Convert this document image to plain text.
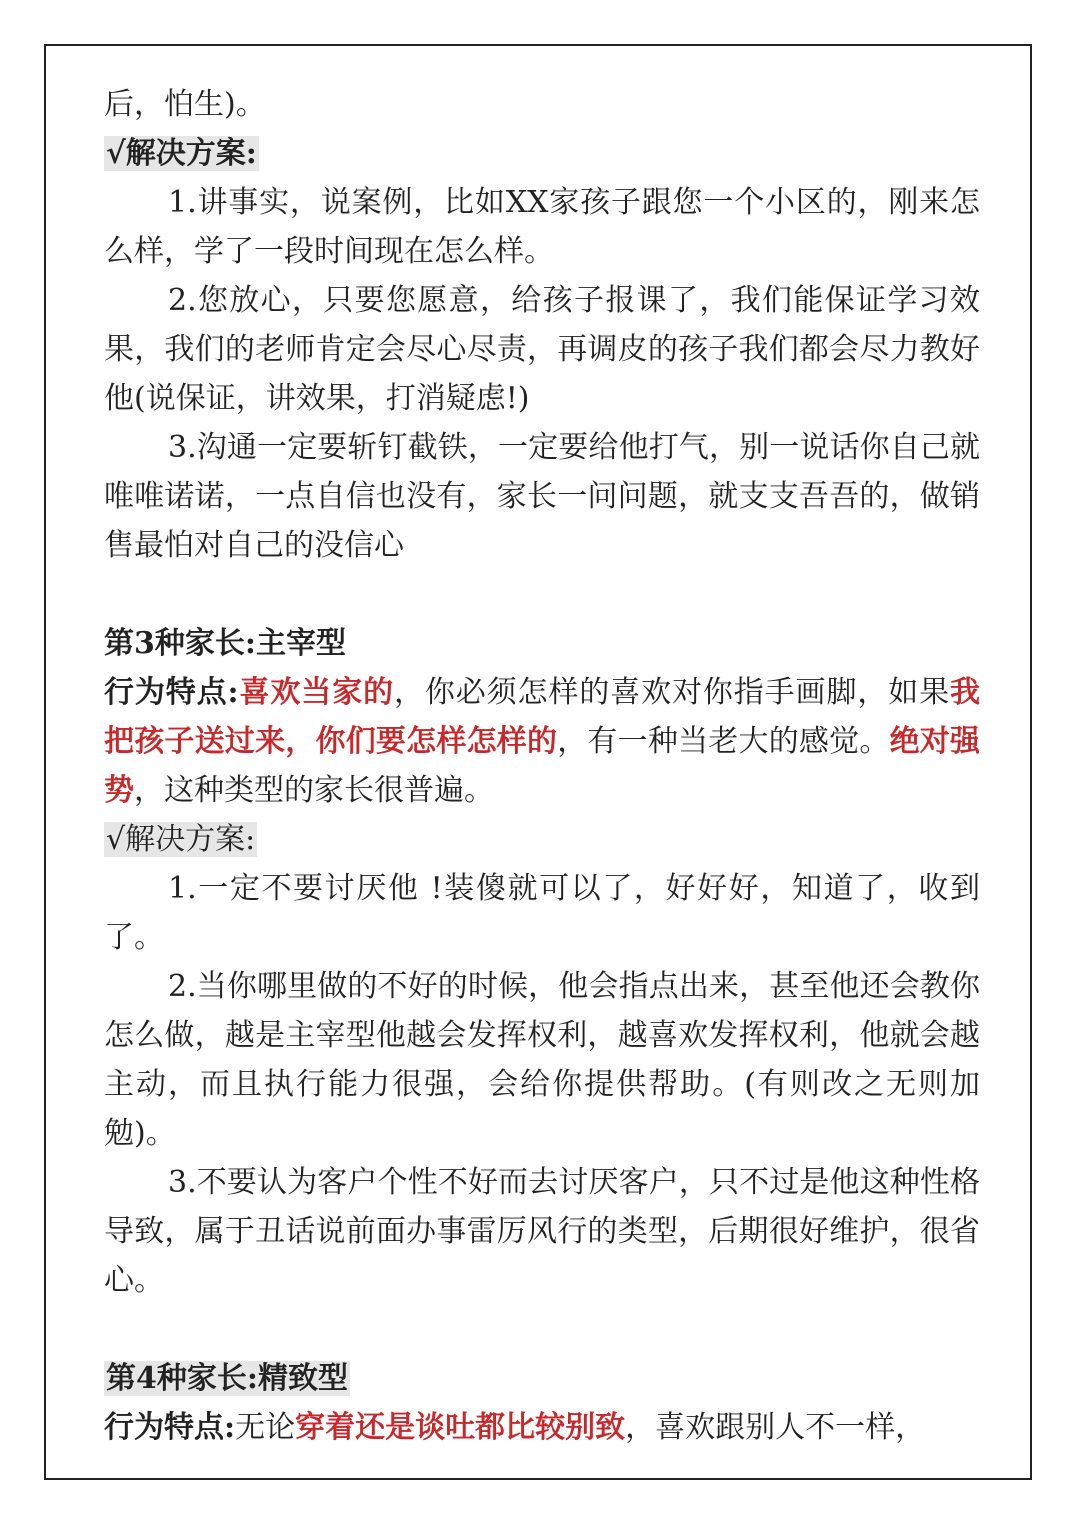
后，怕生)。

√解决方案:

1.讲事实，说案例，比如XX家孩子跟您一个小区的，刚来怎么样，学了一段时间现在怎么样。

2.您放心，只要您愿意，给孩子报课了，我们能保证学习效果，我们的老师肯定会尽心尽责，再调皮的孩子我们都会尽力教好他(说保证，讲效果，打消疑虑!)

3.沟通一定要斩钉截铁，一定要给他打气，别一说话你自己就唯唯诺诺，一点自信也没有，家长一问问题，就支支吾吾的，做销售最怕对自己的没信心

第3种家长:主宰型

行为特点:喜欢当家的，你必须怎样的喜欢对你指手画脚，如果我把孩子送过来，你们要怎样怎样的，有一种当老大的感觉。绝对强势，这种类型的家长很普遍。

√解决方案:

1.一定不要讨厌他 !装傻就可以了，好好好，知道了，收到了。

2.当你哪里做的不好的时候，他会指点出来，甚至他还会教你怎么做，越是主宰型他越会发挥权利，越喜欢发挥权利，他就会越主动，而且执行能力很强，会给你提供帮助。(有则改之无则加勉)。

3.不要认为客户个性不好而去讨厌客户，只不过是他这种性格导致，属于丑话说前面办事雷厉风行的类型，后期很好维护，很省心。

第4种家长:精致型

行为特点:无论穿着还是谈吐都比较别致，喜欢跟别人不一样，
